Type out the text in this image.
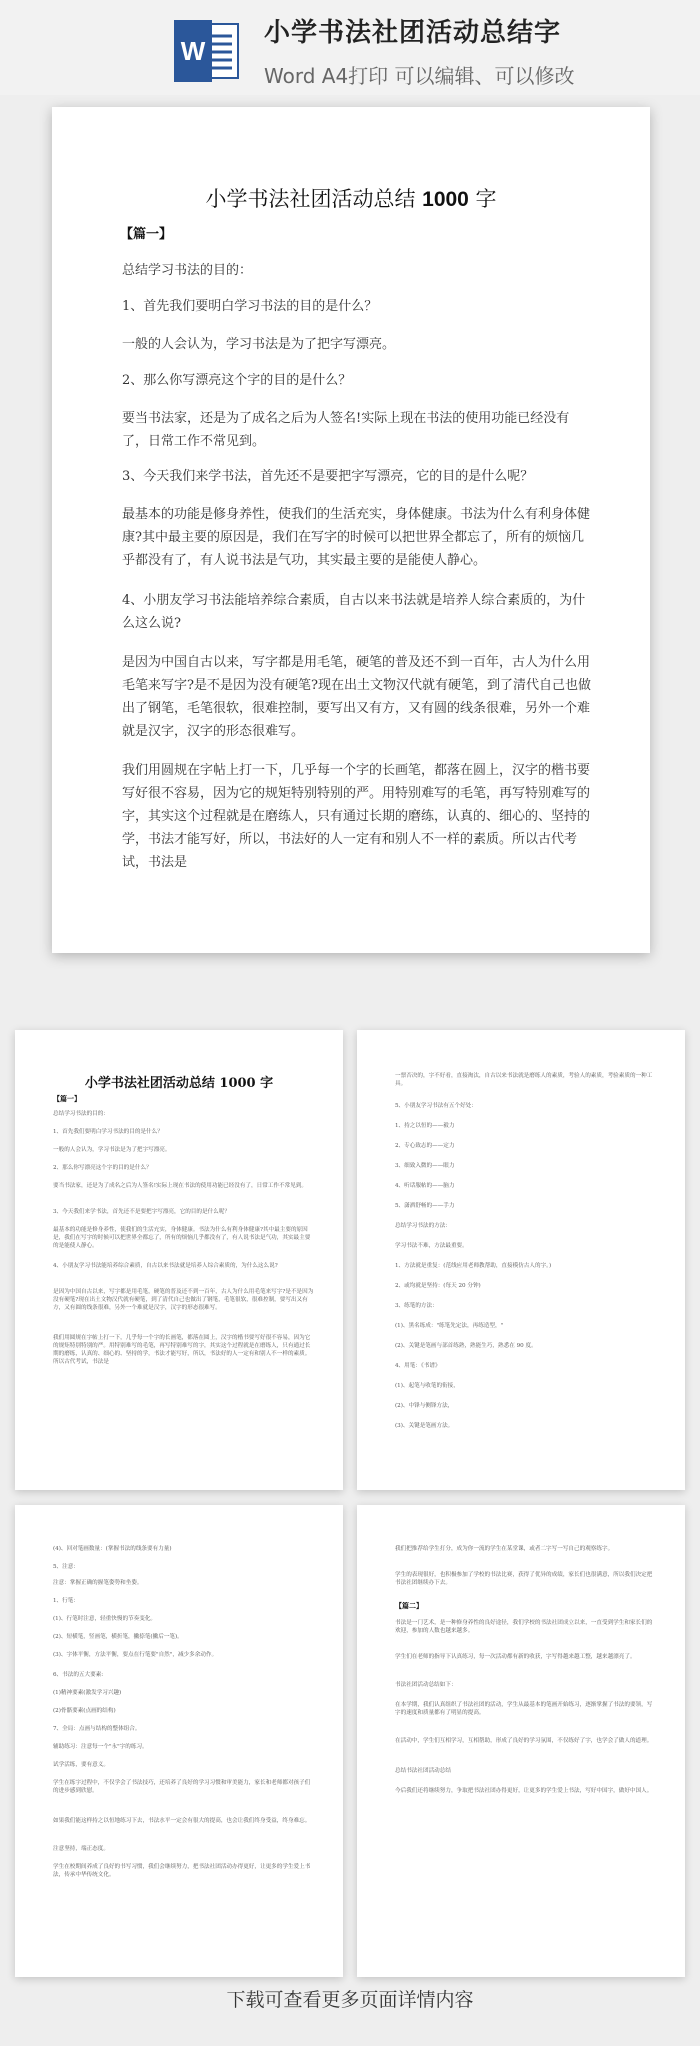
W
小学书法社团活动总结字
Word A4打印 可以编辑、可以修改
小学书法社团活动总结 1000 字
【篇一】
总结学习书法的目的：
1、首先我们要明白学习书法的目的是什么？
一般的人会认为，学习书法是为了把字写漂亮。
2、那么你写漂亮这个字的目的是什么？
要当书法家，还是为了成名之后为人签名!实际上现在书法的使用功能已经没有了，日常工作不常见到。
3、今天我们来学书法，首先还不是要把字写漂亮，它的目的是什么呢？
最基本的功能是修身养性，使我们的生活充实，身体健康。书法为什么有利身体健康?其中最主要的原因是，我们在写字的时候可以把世界全都忘了，所有的烦恼几乎都没有了，有人说书法是气功，其实最主要的是能使人静心。
4、小朋友学习书法能培养综合素质，自古以来书法就是培养人综合素质的，为什么这么说?
是因为中国自古以来，写字都是用毛笔，硬笔的普及还不到一百年，古人为什么用毛笔来写字?是不是因为没有硬笔?现在出土文物汉代就有硬笔，到了清代自己也做出了钢笔，毛笔很软，很难控制，要写出又有方，又有圆的线条很难，另外一个难就是汉字，汉字的形态很难写。
我们用圆规在字帖上打一下，几乎每一个字的长画笔，都落在圆上，汉字的楷书要写好很不容易，因为它的规矩特别特别的严。用特别难写的毛笔，再写特别难写的字，其实这个过程就是在磨练人，只有通过长期的磨练，认真的、细心的、坚持的学，书法才能写好，所以，书法好的人一定有和别人不一样的素质。所以古代考试，书法是
小学书法社团活动总结 1000 字
【篇一】
总结学习书法的目的：
1、首先我们要明白学习书法的目的是什么？
一般的人会认为，学习书法是为了把字写漂亮。
2、那么你写漂亮这个字的目的是什么？
要当书法家，还是为了成名之后为人签名!实际上现在书法的使用功能已经没有了，日常工作不常见到。
3、今天我们来学书法，首先还不是要把字写漂亮，它的目的是什么呢？
最基本的功能是修身养性，使我们的生活充实，身体健康。书法为什么有利身体健康?其中最主要的原因是，我们在写字的时候可以把世界全都忘了，所有的烦恼几乎都没有了，有人说书法是气功，其实最主要的是能使人静心。
4、小朋友学习书法能培养综合素质，自古以来书法就是培养人综合素质的，为什么这么说?
是因为中国自古以来，写字都是用毛笔，硬笔的普及还不到一百年，古人为什么用毛笔来写字?是不是因为没有硬笔?现在出土文物汉代就有硬笔，到了清代自己也做出了钢笔，毛笔很软，很难控制，要写出又有方，又有圆的线条很难，另外一个难就是汉字，汉字的形态很难写。
我们用圆规在字帖上打一下，几乎每一个字的长画笔，都落在圆上，汉字的楷书要写好很不容易，因为它的规矩特别特别的严。用特别难写的毛笔，再写特别难写的字，其实这个过程就是在磨练人，只有通过长期的磨练，认真的、细心的、坚持的学，书法才能写好，所以，书法好的人一定有和别人不一样的素质。所以古代考试，书法是
一票否决的，字不好看，直接淘汰，自古以来书法就是磨练人的素质，考验人的素质，考验素质的一种工具。
5、小朋友学习书法有五个好处：
1、持之以恒的——毅力
2、专心致志的——定力
3、细致入微的——眼力
4、听话服帖的——脑力
5、潇洒舒畅的——手力
总结学习书法的方法：
学习书法不难，方法最重要。
1、方法就是重复：(范线应用老师教帮助，直接模仿古人的字。)
2、或均就是坚持：(每天 20 分钟)
3、练笔的方法：
(1)、黑名练成："练笔先定法，再练造型，"
(2)、关键是笔画与部首练熟，熟能生巧，熟悉在 90 度。
4、用笔：《书谱》
(1)、起笔与收笔的衔接，
(2)、中锋与侧锋方法，
(3)、关键是笔画方法。
(4)、回对笔画数量：(掌握书法的线条要有力量)
5、注意：
注意：掌握正确的握笔姿势和坐姿。
1、行笔：
(1)、行笔时注意，轻重快慢的节奏变化。
(2)、短横笔，竖画笔，横折笔，撇捺笔(撇后一笔)。
(3)、字体平衡，方法平衡，要点在行笔要"自然"，减少多余动作。
6、书法的五大要素:
(1)精神要素(激发学习兴趣)
(2)骨骼要素(点画的结构)
7、全局：点画与结构的整体组合。
辅助练习：注意每一个"永"字的练习。
试学活练，要有意义。
学生在练字过程中，不仅学会了书法技巧，还培养了良好的学习习惯和审美能力，家长和老师都对孩子们的进步感到欣慰。
如果我们能这样持之以恒地练习下去，书法水平一定会有很大的提高，也会让我们终身受益，终身难忘。
注意坚持，端正态度。
学生在校期间养成了良好的书写习惯，我们会继续努力，把书法社团活动办得更好，让更多的学生爱上书法，传承中华传统文化。
我们把推荐给学生打分，成为你一流的学生在某堂课，或者二字写一写自己的观察练字。
学生的表现很好，也积极参加了学校的书法比赛，获得了优异的成绩，家长们也很满意，所以我们决定把书法社团继续办下去。
【篇二】
书法是一门艺术，是一种修身养性的良好途径，我们学校的书法社团成立以来，一直受到学生和家长们的欢迎，参加的人数也越来越多。
学生们在老师的指导下认真练习，每一次活动都有新的收获，字写得越来越工整，越来越漂亮了。
书法社团活动总结如下：
在本学期，我们认真组织了书法社团的活动，学生从最基本的笔画开始练习，逐渐掌握了书法的要领，写字的速度和质量都有了明显的提高。
在活动中，学生们互相学习，互相帮助，形成了良好的学习氛围，不仅练好了字，也学会了做人的道理。
总结书法社团活动总结
今后我们还将继续努力，争取把书法社团办得更好，让更多的学生爱上书法，写好中国字，做好中国人。
下载可查看更多页面详情内容
